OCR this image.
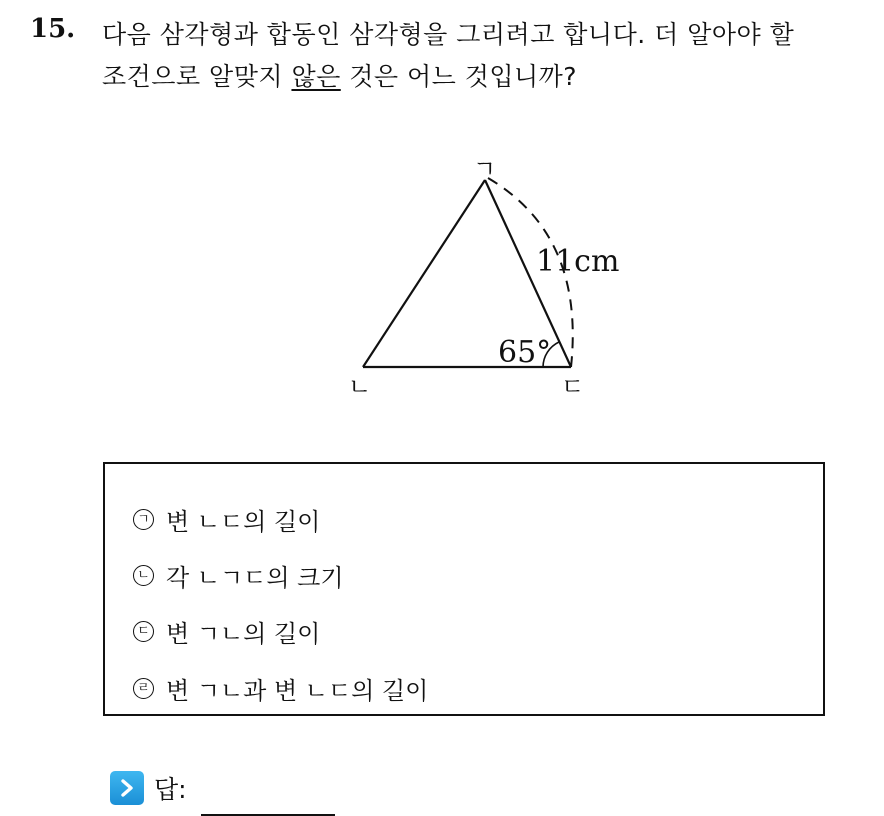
15. 다음 삼각형과 합동인 삼각형을 그리려고 합니다. 더 알아야 할
조건으로 알맞지 않은 것은 어느 것입니까?
ㄱ
ㄴ	ㄷ
11cm
65°
ㄱ 변 ㄴㄷ의 길이
ㄴ 각 ㄴㄱㄷ의 크기
ㄷ 변 ㄱㄴ의 길이
ㄹ 변 ㄱㄴ과 변 ㄴㄷ의 길이
답:
